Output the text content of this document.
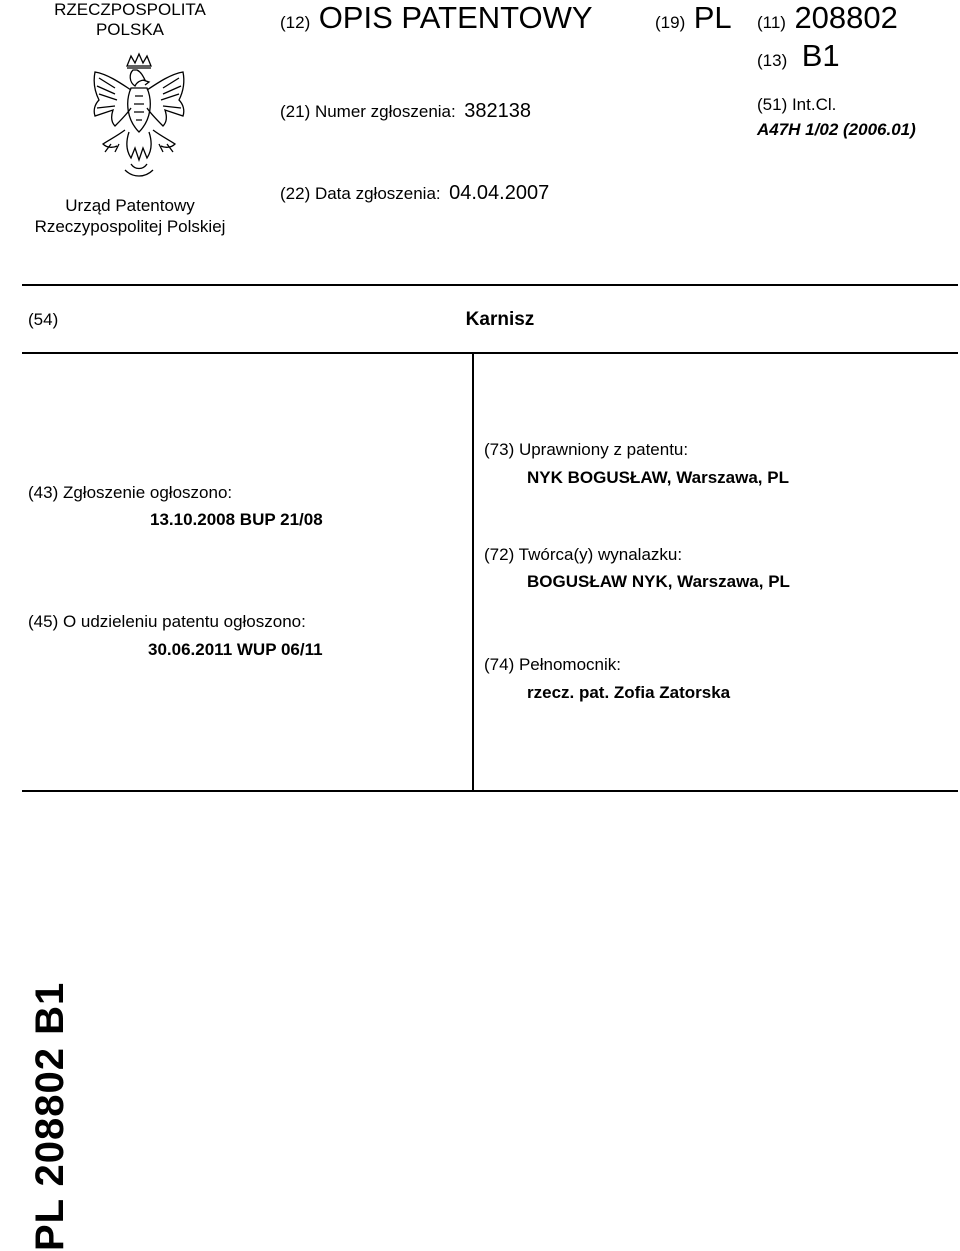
RZECZPOSPOLITA
POLSKA
Urząd Patentowy
Rzeczypospolitej Polskiej
(12) OPIS PATENTOWY	(19) PL (11) 208802
(13) B1
(21) Numer zgłoszenia: 382138	(51) Int.Cl.
A47H 1/02 (2006.01)
(22) Data zgłoszenia: 04.04.2007
(54)	Karnisz
(43) Zgłoszenie ogłoszono:
13.10.2008 BUP 21/08
(45) O udzieleniu patentu ogłoszono:
30.06.2011 WUP 06/11
(73) Uprawniony z patentu:
NYK BOGUSŁAW, Warszawa, PL
(72) Twórca(y) wynalazku:
BOGUSŁAW NYK, Warszawa, PL
(74) Pełnomocnik:
rzecz. pat. Zofia Zatorska
PL 208802 B1
